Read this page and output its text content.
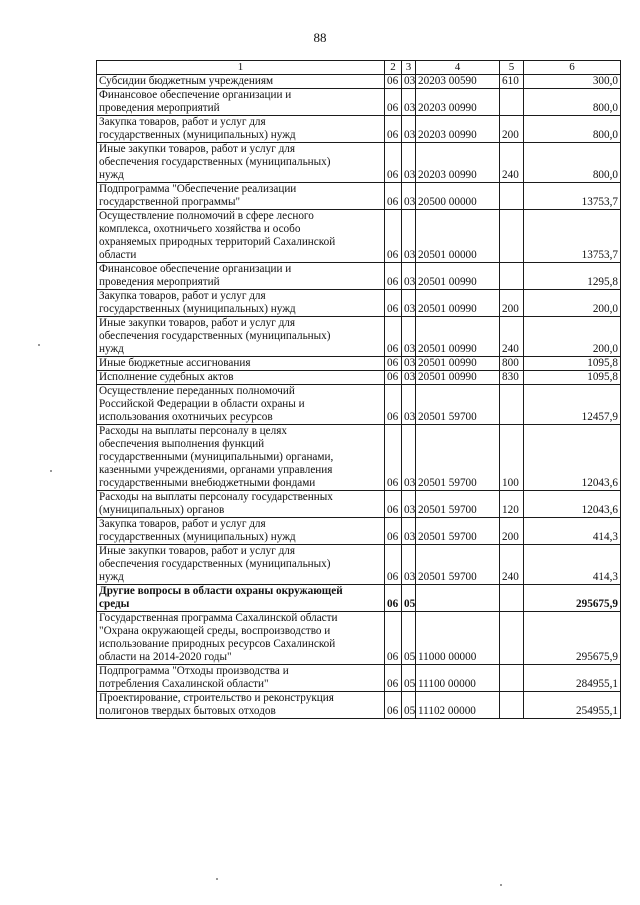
88
1	2	3	4	5	6
Субсидии бюджетным учреждениям	06	03	20203 00590	610	300,0
Финансовое обеспечение организации и
проведения мероприятий	06	03	20203 00990		800,0
Закупка товаров, работ и услуг для
государственных (муниципальных) нужд	06	03	20203 00990	200	800,0
Иные закупки товаров, работ и услуг для
обеспечения государственных (муниципальных)
нужд	06	03	20203 00990	240	800,0
Подпрограмма "Обеспечение реализации
государственной программы"	06	03	20500 00000		13753,7
Осуществление полномочий в сфере лесного
комплекса, охотничьего хозяйства и особо
охраняемых природных территорий Сахалинской
области	06	03	20501 00000		13753,7
Финансовое обеспечение организации и
проведения мероприятий	06	03	20501 00990		1295,8
Закупка товаров, работ и услуг для
государственных (муниципальных) нужд	06	03	20501 00990	200	200,0
Иные закупки товаров, работ и услуг для
обеспечения государственных (муниципальных)
нужд	06	03	20501 00990	240	200,0
Иные бюджетные ассигнования	06	03	20501 00990	800	1095,8
Исполнение судебных актов	06	03	20501 00990	830	1095,8
Осуществление переданных полномочий
Российской Федерации в области охраны и
использования охотничьих ресурсов	06	03	20501 59700		12457,9
Расходы на выплаты персоналу в целях
обеспечения выполнения функций
государственными (муниципальными) органами,
казенными учреждениями, органами управления
государственными внебюджетными фондами	06	03	20501 59700	100	12043,6
Расходы на выплаты персоналу государственных
(муниципальных) органов	06	03	20501 59700	120	12043,6
Закупка товаров, работ и услуг для
государственных (муниципальных) нужд	06	03	20501 59700	200	414,3
Иные закупки товаров, работ и услуг для
обеспечения государственных (муниципальных)
нужд	06	03	20501 59700	240	414,3
Другие вопросы в области охраны окружающей
среды	06	05			295675,9
Государственная программа Сахалинской области
"Охрана окружающей среды, воспроизводство и
использование природных ресурсов Сахалинской
области на 2014-2020 годы"	06	05	11000 00000		295675,9
Подпрограмма "Отходы производства и
потребления Сахалинской области"	06	05	11100 00000		284955,1
Проектирование, строительство и реконструкция
полигонов твердых бытовых отходов	06	05	11102 00000		254955,1
